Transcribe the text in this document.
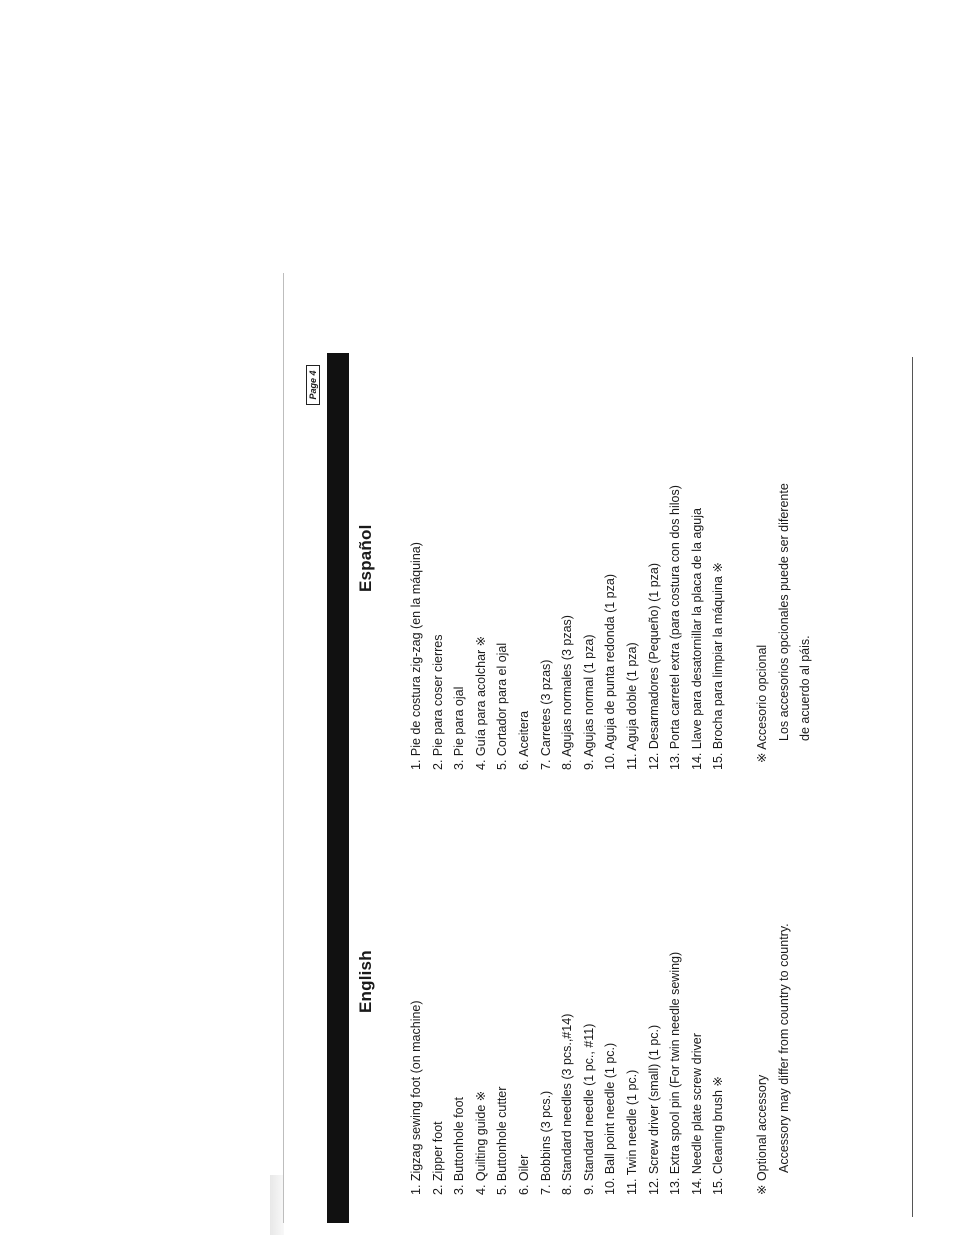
Page 4
English
Español
1. Zigzag sewing foot (on machine) 2. Zipper foot 3. Buttonhole foot 4. Quilting guide ※ 5. Buttonhole cutter 6. Oiler 7. Bobbins (3 pcs.) 8. Standard needles (3 pcs.,#14) 9. Standard needle (1 pc., #11) 10. Ball point needle (1 pc.) 11. Twin needle (1 pc.) 12. Screw driver (small) (1 pc.) 13. Extra spool pin (For twin needle sewing) 14. Needle plate screw driver 15. Cleaning brush ※
1. Pie de costura zig-zag (en la máquina) 2. Pie para coser cierres 3. Pie para ojal 4. Guía para acolchar ※ 5. Cortador para el ojal 6. Aceitera 7. Carretes (3 pzas) 8. Agujas normales (3 pzas) 9. Agujas normal (1 pza) 10. Aguja de punta redonda (1 pza) 11. Aguja doble (1 pza) 12. Desarmadores (Pequeño) (1 pza) 13. Porta carretel extra (para costura con dos hilos) 14. Llave para desatornillar la placa de la aguja 15. Brocha para limpiar la máquina ※
※ Optional accessory Accessory may differ from country to country.
※ Accesorio opcional Los accesorios opcionales puede ser diferente de acuerdo al páis.
